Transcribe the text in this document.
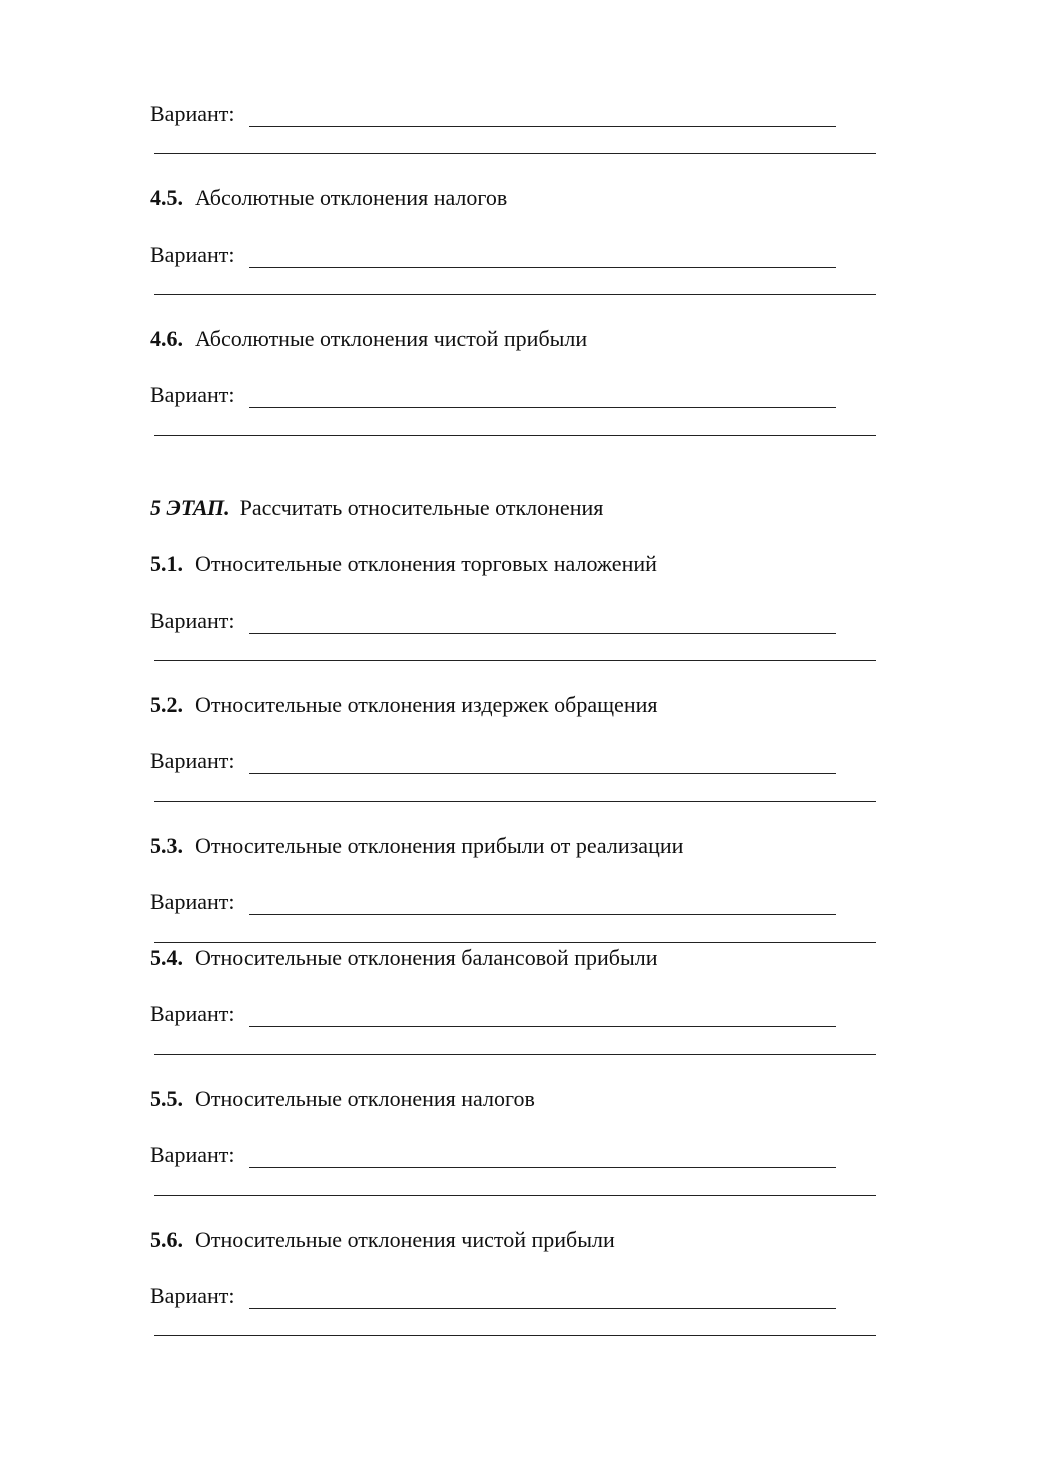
Вариант:
4.5. Абсолютные отклонения налогов
Вариант:
4.6. Абсолютные отклонения чистой прибыли
Вариант:
5 ЭТАП. Рассчитать относительные отклонения
5.1. Относительные отклонения торговых наложений
Вариант:
5.2. Относительные отклонения издержек обращения
Вариант:
5.3. Относительные отклонения прибыли от реализации
Вариант:
5.4. Относительные отклонения балансовой прибыли
Вариант:
5.5. Относительные отклонения налогов
Вариант:
5.6. Относительные отклонения чистой прибыли
Вариант:
